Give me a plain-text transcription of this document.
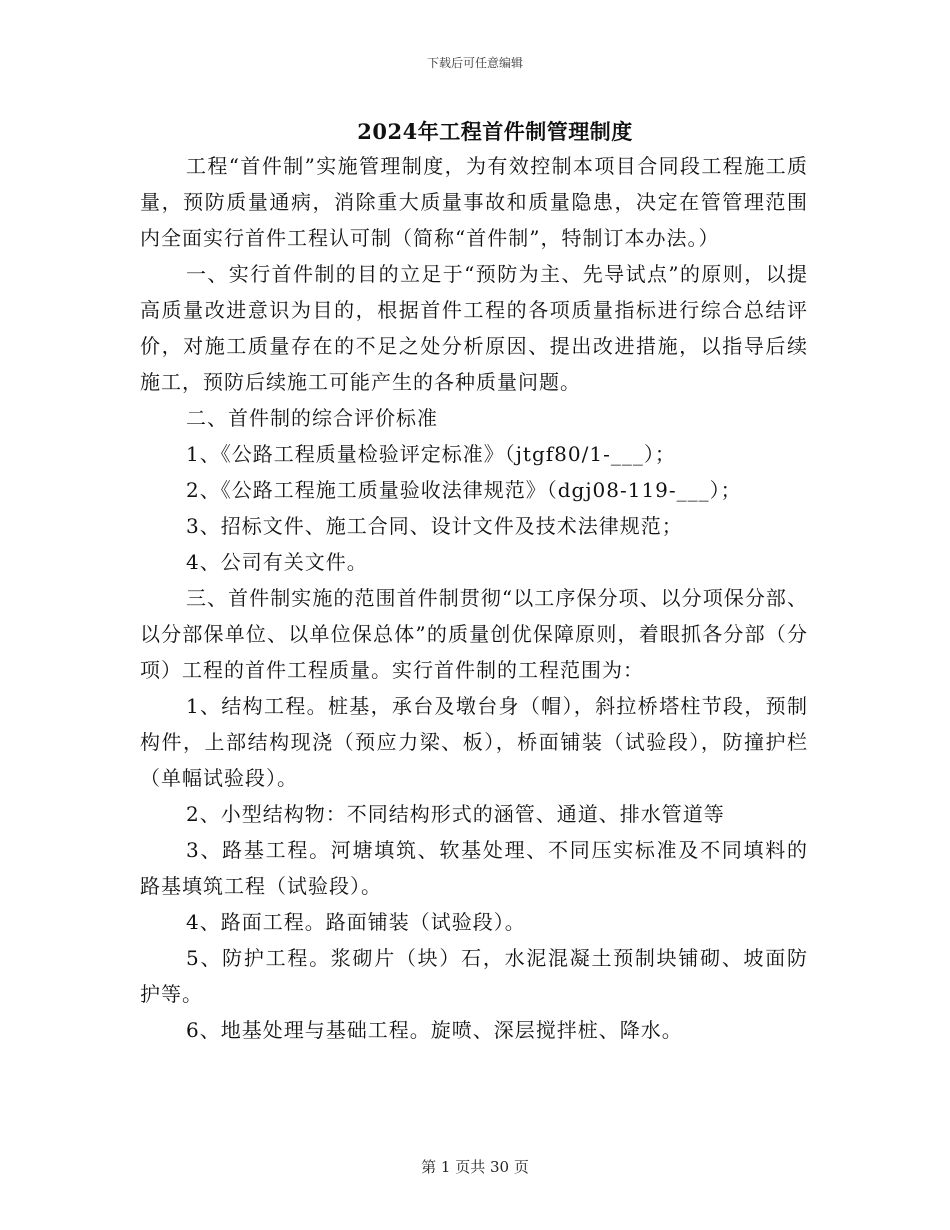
下载后可任意编辑
2024年工程首件制管理制度

工程“首件制”实施管理制度，为有效控制本项目合同段工程施工质量，预防质量通病，消除重大质量事故和质量隐患，决定在管管理范围内全面实行首件工程认可制（简称“首件制”，特制订本办法。）

一、实行首件制的目的立足于“预防为主、先导试点”的原则，以提高质量改进意识为目的，根据首件工程的各项质量指标进行综合总结评价，对施工质量存在的不足之处分析原因、提出改进措施，以指导后续施工，预防后续施工可能产生的各种质量问题。

二、首件制的综合评价标准

1、《公路工程质量检验评定标准》（jtgf80/1-___）；

2、《公路工程施工质量验收法律规范》（dgj08-119-___）；

3、招标文件、施工合同、设计文件及技术法律规范；

4、公司有关文件。

三、首件制实施的范围首件制贯彻“以工序保分项、以分项保分部、以分部保单位、以单位保总体”的质量创优保障原则，着眼抓各分部（分项）工程的首件工程质量。实行首件制的工程范围为：

1、结构工程。桩基，承台及墩台身（帽），斜拉桥塔柱节段，预制构件，上部结构现浇（预应力梁、板），桥面铺装（试验段），防撞护栏（单幅试验段）。

2、小型结构物：不同结构形式的涵管、通道、排水管道等

3、路基工程。河塘填筑、软基处理、不同压实标准及不同填料的路基填筑工程（试验段）。

4、路面工程。路面铺装（试验段）。

5、防护工程。浆砌片（块）石，水泥混凝土预制块铺砌、坡面防护等。

6、地基处理与基础工程。旋喷、深层搅拌桩、降水。

第 1 页共 30 页
